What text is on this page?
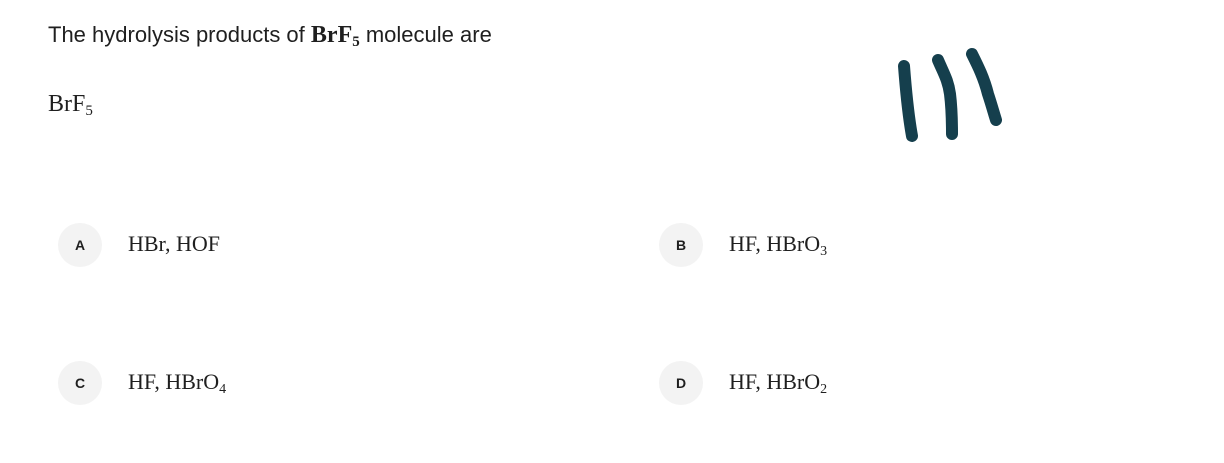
The hydrolysis products of BrF$_5$ molecule are
BrF$_5$
A	HBr, HOF	B	HF, HBrO$_3$
C	HF, HBrO$_4$	D	HF, HBrO$_2$
